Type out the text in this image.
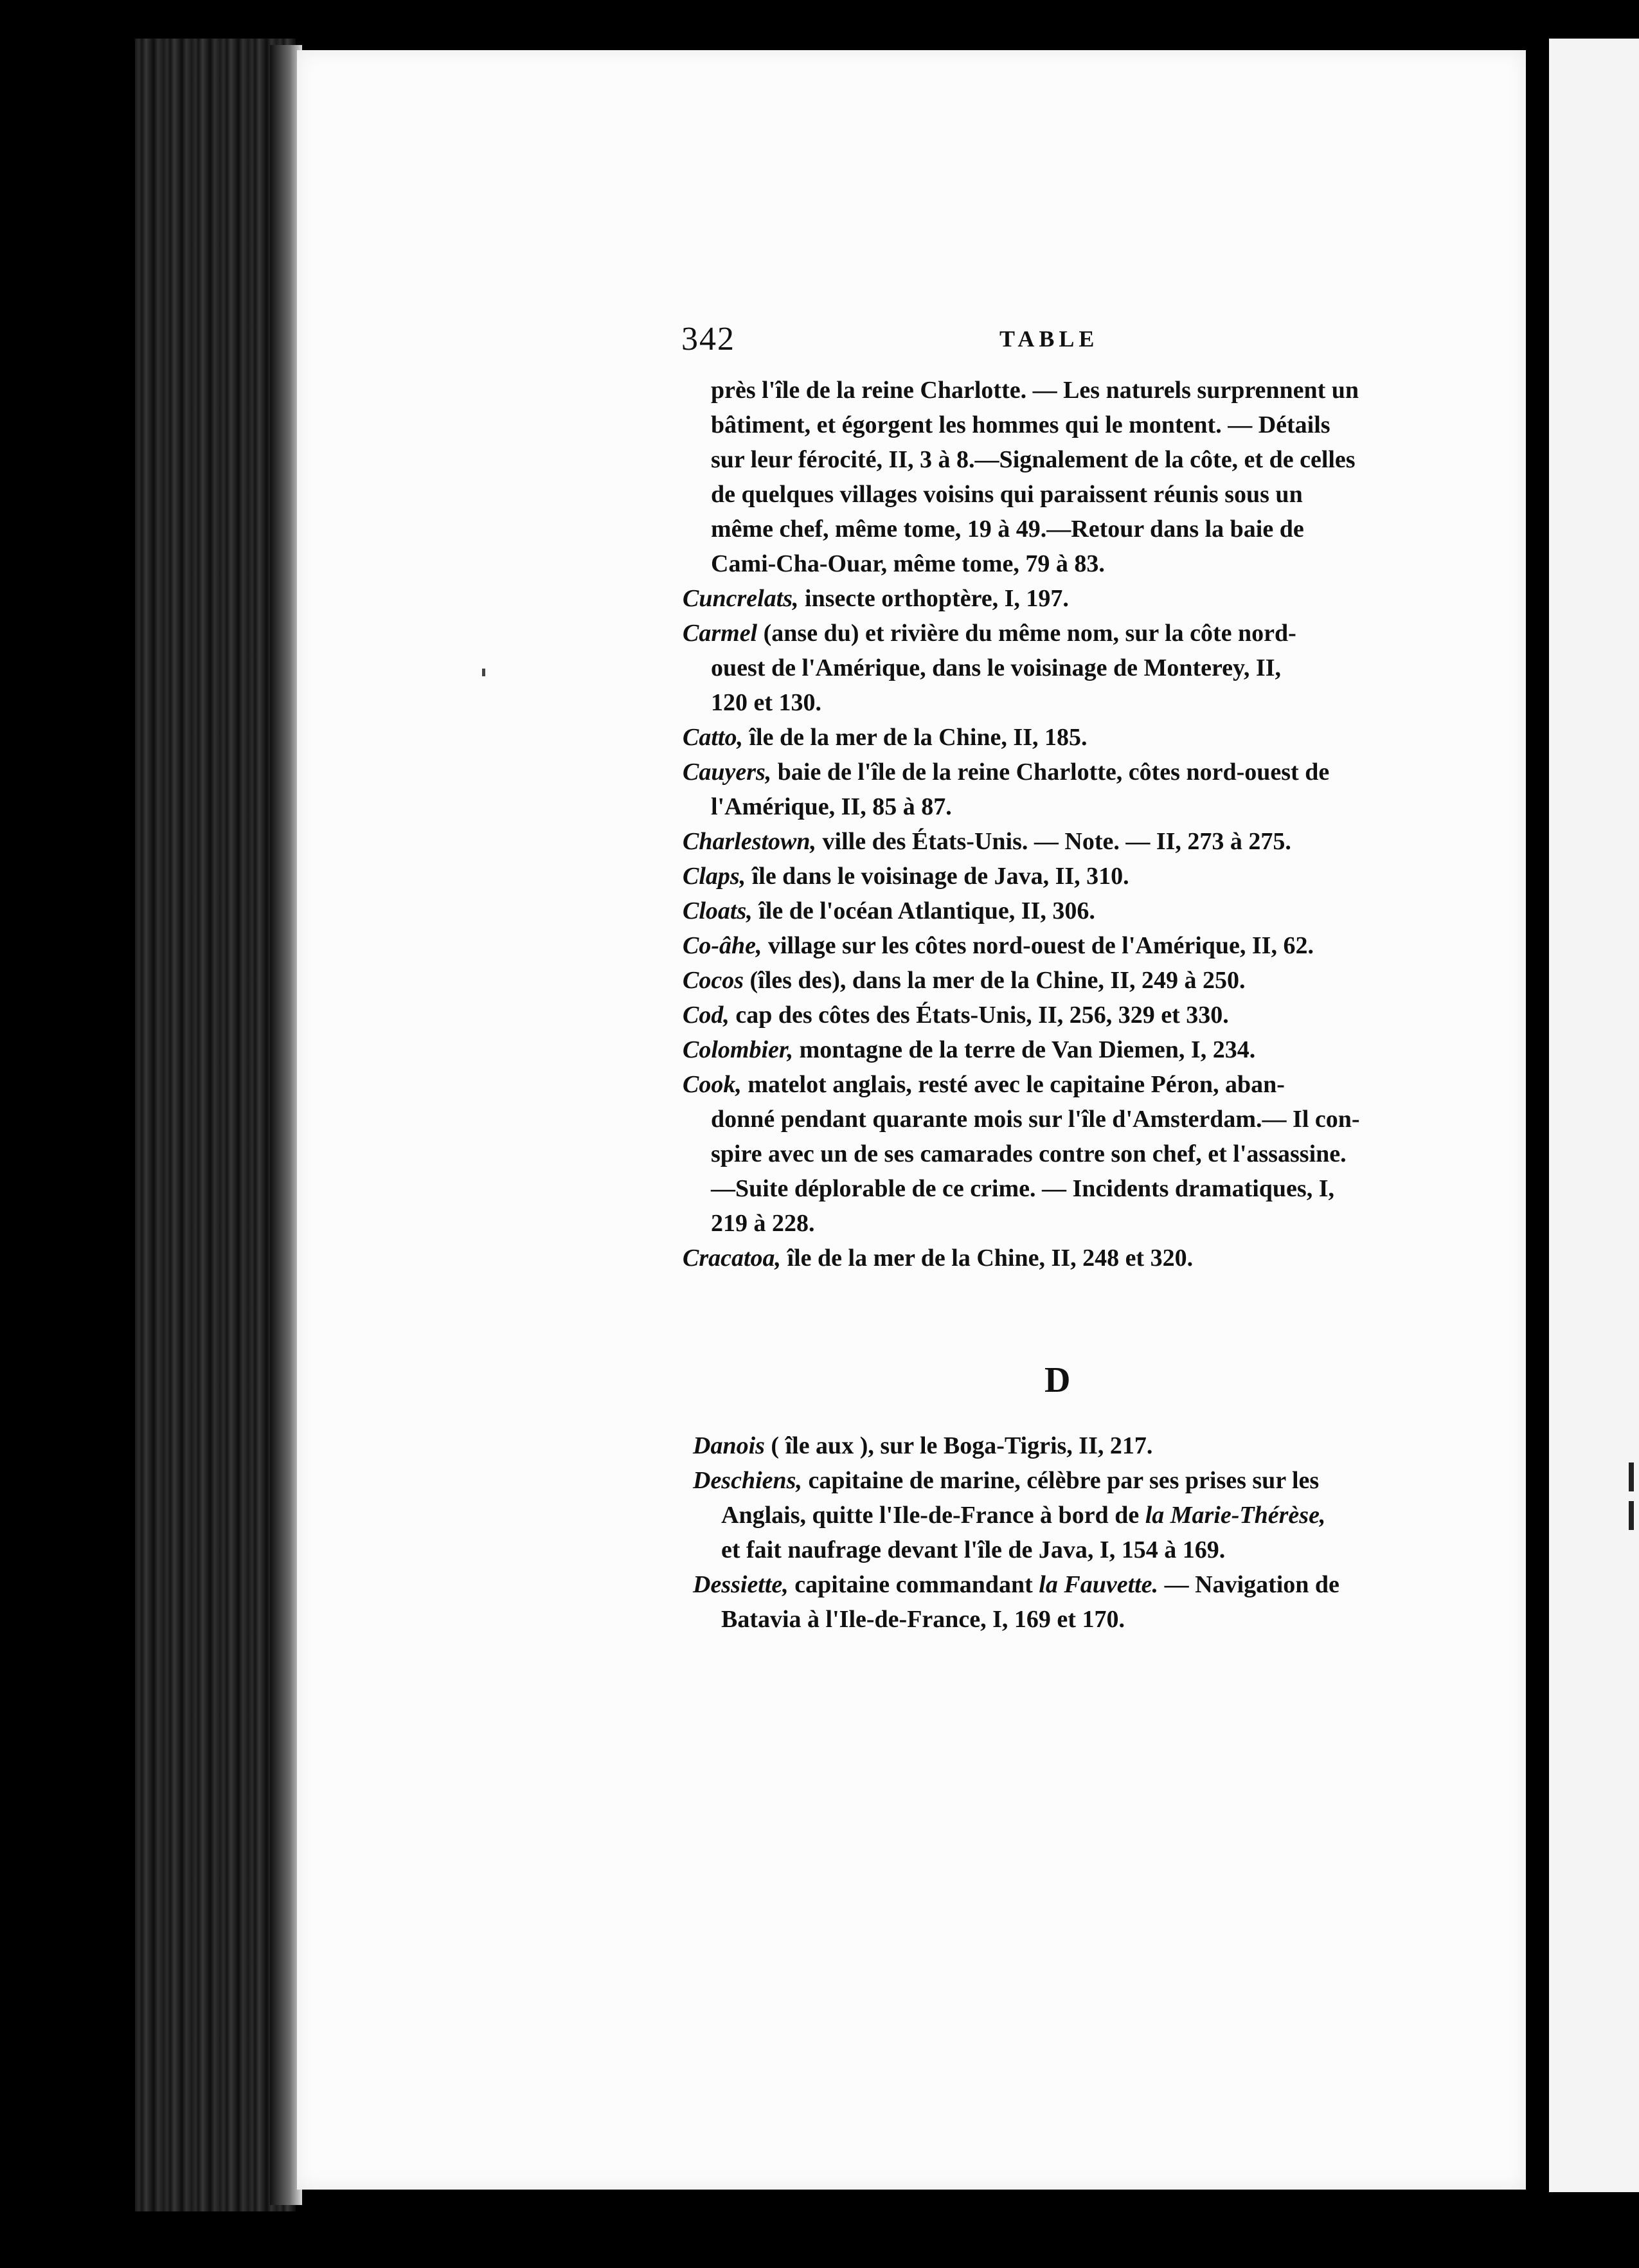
342	TABLE
près l'île de la reine Charlotte. — Les naturels surprennent un
bâtiment, et égorgent les hommes qui le montent. — Détails
sur leur férocité, II, 3 à 8.—Signalement de la côte, et de celles
de quelques villages voisins qui paraissent réunis sous un
même chef, même tome, 19 à 49.—Retour dans la baie de
Cami-Cha-Ouar, même tome, 79 à 83.
Cuncrelats, insecte orthoptère, I, 197.
Carmel (anse du) et rivière du même nom, sur la côte nord-
ouest de l'Amérique, dans le voisinage de Monterey, II,
120 et 130.
Catto, île de la mer de la Chine, II, 185.
Cauyers, baie de l'île de la reine Charlotte, côtes nord-ouest de
l'Amérique, II, 85 à 87.
Charlestown, ville des États-Unis. — Note. — II, 273 à 275.
Claps, île dans le voisinage de Java, II, 310.
Cloats, île de l'océan Atlantique, II, 306.
Co-âhe, village sur les côtes nord-ouest de l'Amérique, II, 62.
Cocos (îles des), dans la mer de la Chine, II, 249 à 250.
Cod, cap des côtes des États-Unis, II, 256, 329 et 330.
Colombier, montagne de la terre de Van Diemen, I, 234.
Cook, matelot anglais, resté avec le capitaine Péron, aban-
donné pendant quarante mois sur l'île d'Amsterdam.— Il con-
spire avec un de ses camarades contre son chef, et l'assassine.
—Suite déplorable de ce crime. — Incidents dramatiques, I,
219 à 228.
Cracatoa, île de la mer de la Chine, II, 248 et 320.
D
Danois ( île aux ), sur le Boga-Tigris, II, 217.
Deschiens, capitaine de marine, célèbre par ses prises sur les
Anglais, quitte l'Ile-de-France à bord de la Marie-Thérèse,
et fait naufrage devant l'île de Java, I, 154 à 169.
Dessiette, capitaine commandant la Fauvette. — Navigation de
Batavia à l'Ile-de-France, I, 169 et 170.
